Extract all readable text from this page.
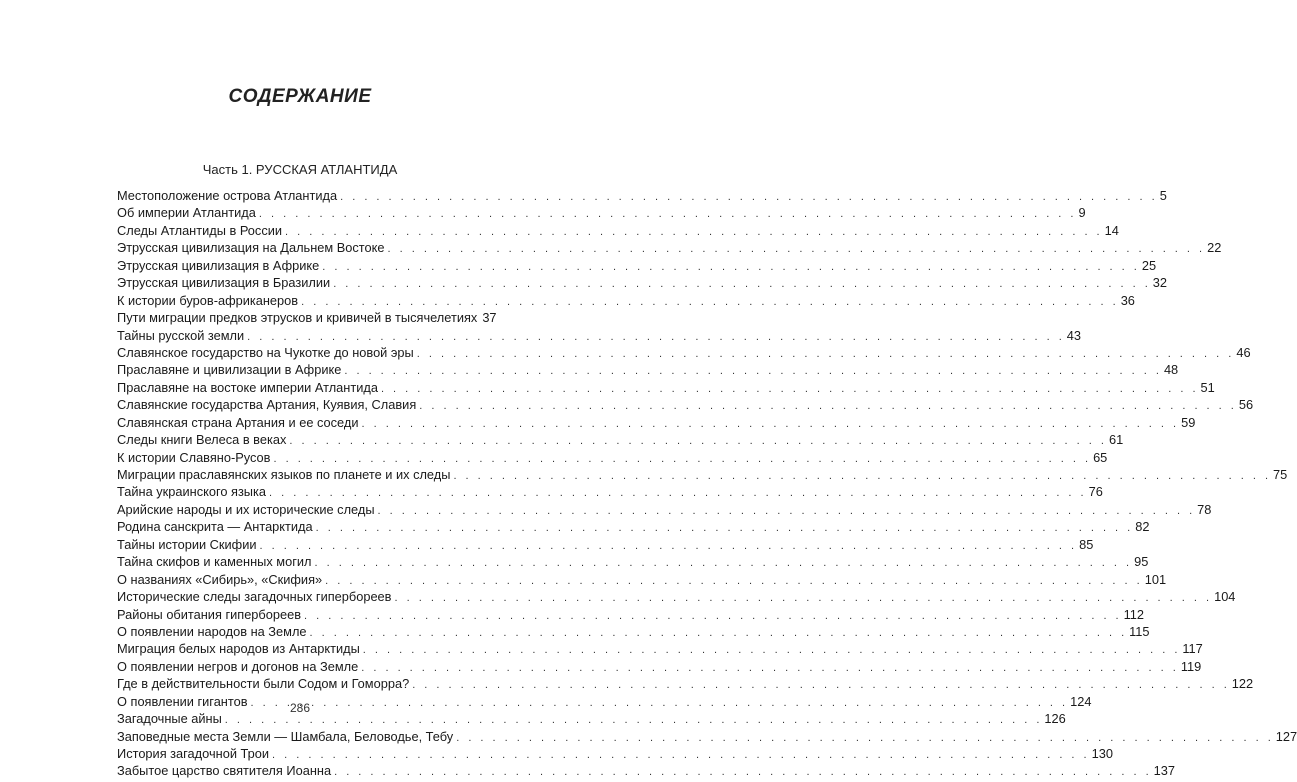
СОДЕРЖАНИЕ
Часть 1. РУССКАЯ АТЛАНТИДА
Местоположение острова Атлантида . . .	5
Об империи Атлантида . . .	9
Следы Атлантиды в России . . .	14
Этрусская цивилизация на Дальнем Востоке . . .	22
Этрусская цивилизация в Африке . . .	25
Этрусская цивилизация в Бразилии . . .	32
К истории буров-африканеров . . .	36
Пути миграции предков этрусков и кривичей в тысячелетиях 37
Тайны русской земли . . .	43
Славянское государство на Чукотке до новой эры . . .	46
Праславяне и цивилизации в Африке . . .	48
Праславяне на востоке империи Атлантида . . .	51
Славянские государства Артания, Куявия, Славия . . .	56
Славянская страна Артания и ее соседи . . .	59
Следы книги Велеса в веках . . .	61
К истории Славяно-Русов . . .	65
Миграции праславянских языков по планете и их следы . . .	75
Тайна украинского языка . . .	76
Арийские народы и их исторические следы . . .	78
Родина санскрита — Антарктида . . .	82
Тайны истории Скифии . . .	85
Тайна скифов и каменных могил . . .	95
О названиях «Сибирь», «Скифия» . . .	101
Исторические следы загадочных гипербореев . . .	104
Районы обитания гипербореев . . .	112
О появлении народов на Земле . . .	115
Миграция белых народов из Антарктиды . . .	117
О появлении негров и догонов на Земле . . .	119
Где в действительности были Содом и Гоморра? . . .	122
О появлении гигантов . . .	124
Загадочные айны . . .	126
Заповедные места Земли — Шамбала, Беловодье, Тебу . . .	127
История загадочной Трои . . .	130
Забытое царство святителя Иоанна . . .	137
286
